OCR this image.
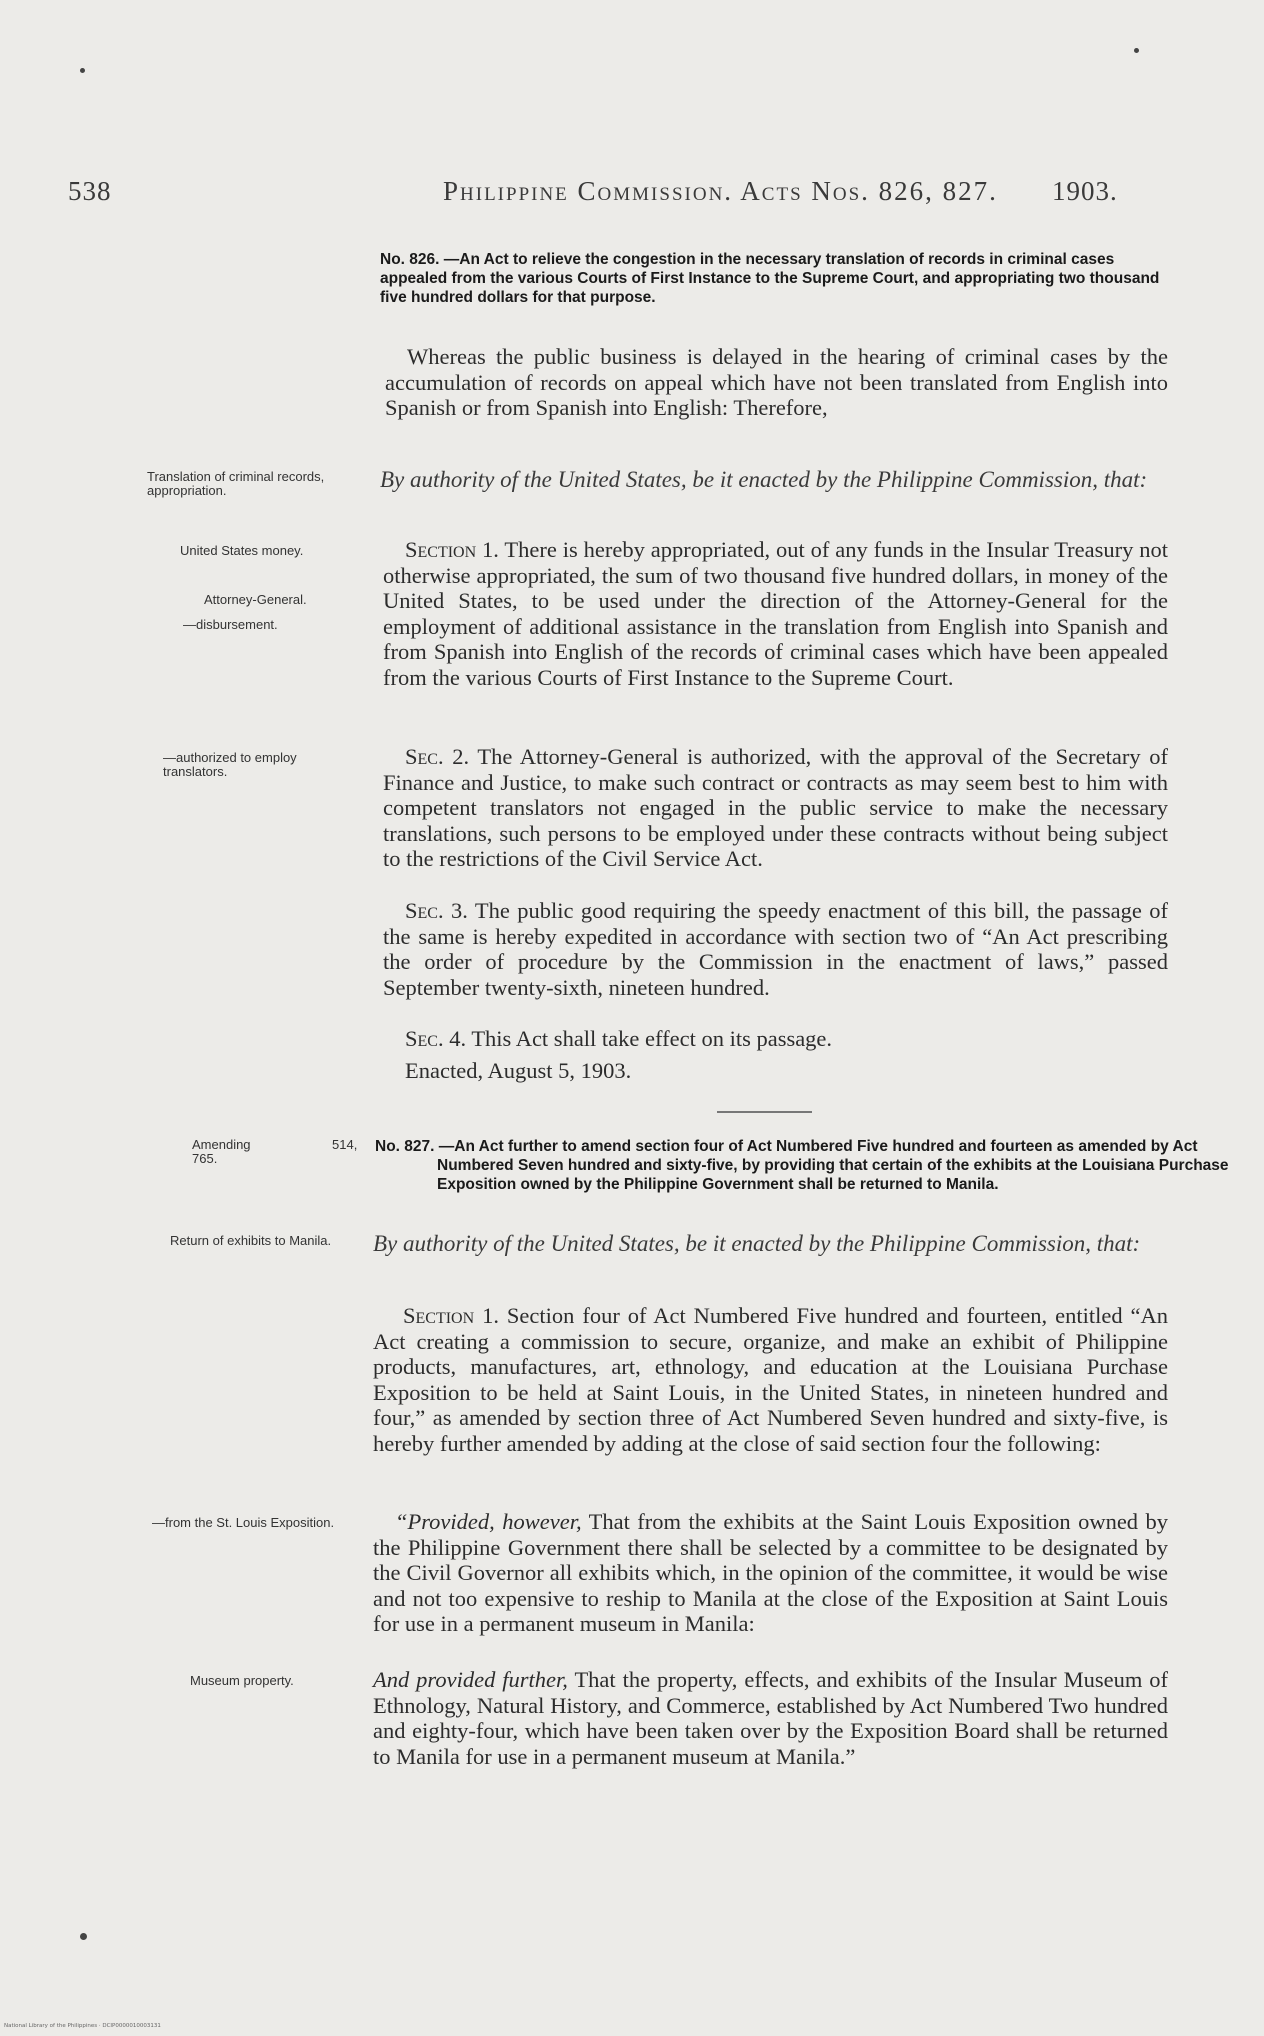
538	Philippine Commission. Acts Nos. 826, 827. 1903.
No. 826. —An Act to relieve the congestion in the necessary translation of records in criminal cases appealed from the various Courts of First Instance to the Supreme Court, and appropriating two thousand five hundred dollars for that purpose.
Whereas the public business is delayed in the hearing of criminal cases by the accumulation of records on appeal which have not been translated from English into Spanish or from Spanish into English: Therefore,
Translation of criminal records, appropriation.	By authority of the United States, be it enacted by the Philippine Commission, that:
United States money.
Attorney-General.
—disbursement.
Section 1. There is hereby appropriated, out of any funds in the Insular Treasury not otherwise appropriated, the sum of two thousand five hundred dollars, in money of the United States, to be used under the direction of the Attorney-General for the employment of additional assistance in the translation from English into Spanish and from Spanish into English of the records of criminal cases which have been appealed from the various Courts of First Instance to the Supreme Court.
—authorized to employ translators.
Sec. 2. The Attorney-General is authorized, with the approval of the Secretary of Finance and Justice, to make such contract or contracts as may seem best to him with competent translators not engaged in the public service to make the necessary translations, such persons to be employed under these contracts without being subject to the restrictions of the Civil Service Act.
Sec. 3. The public good requiring the speedy enactment of this bill, the passage of the same is hereby expedited in accordance with section two of “An Act prescribing the order of procedure by the Commission in the enactment of laws,” passed September twenty-sixth, nineteen hundred.
Sec. 4. This Act shall take effect on its passage.
Enacted, August 5, 1903.
Amending
765.
514,	No. 827. —An Act further to amend section four of Act Numbered Five hundred and fourteen as amended by Act Numbered Seven hundred and sixty-five, by providing that certain of the exhibits at the Louisiana Purchase Exposition owned by the Philippine Government shall be returned to Manila.
Return of exhibits to Manila.	By authority of the United States, be it enacted by the Philippine Commission, that:
Section 1. Section four of Act Numbered Five hundred and fourteen, entitled “An Act creating a commission to secure, organize, and make an exhibit of Philippine products, manufactures, art, ethnology, and education at the Louisiana Purchase Exposition to be held at Saint Louis, in the United States, in nineteen hundred and four,” as amended by section three of Act Numbered Seven hundred and sixty-five, is hereby further amended by adding at the close of said section four the following:
—from the St. Louis Exposition.	“Provided, however, That from the exhibits at the Saint Louis Exposition owned by the Philippine Government there shall be selected by a committee to be designated by the Civil Governor all exhibits which, in the opinion of the committee, it would be wise and not too expensive to reship to Manila at the close of the Exposition at Saint Louis for use in a permanent museum in Manila:
Museum property.	And provided further, That the property, effects, and exhibits of the Insular Museum of Ethnology, Natural History, and Commerce, established by Act Numbered Two hundred and eighty-four, which have been taken over by the Exposition Board shall be returned to Manila for use in a permanent museum at Manila.”
National Library of the Philippines · DCIP0000010003131
